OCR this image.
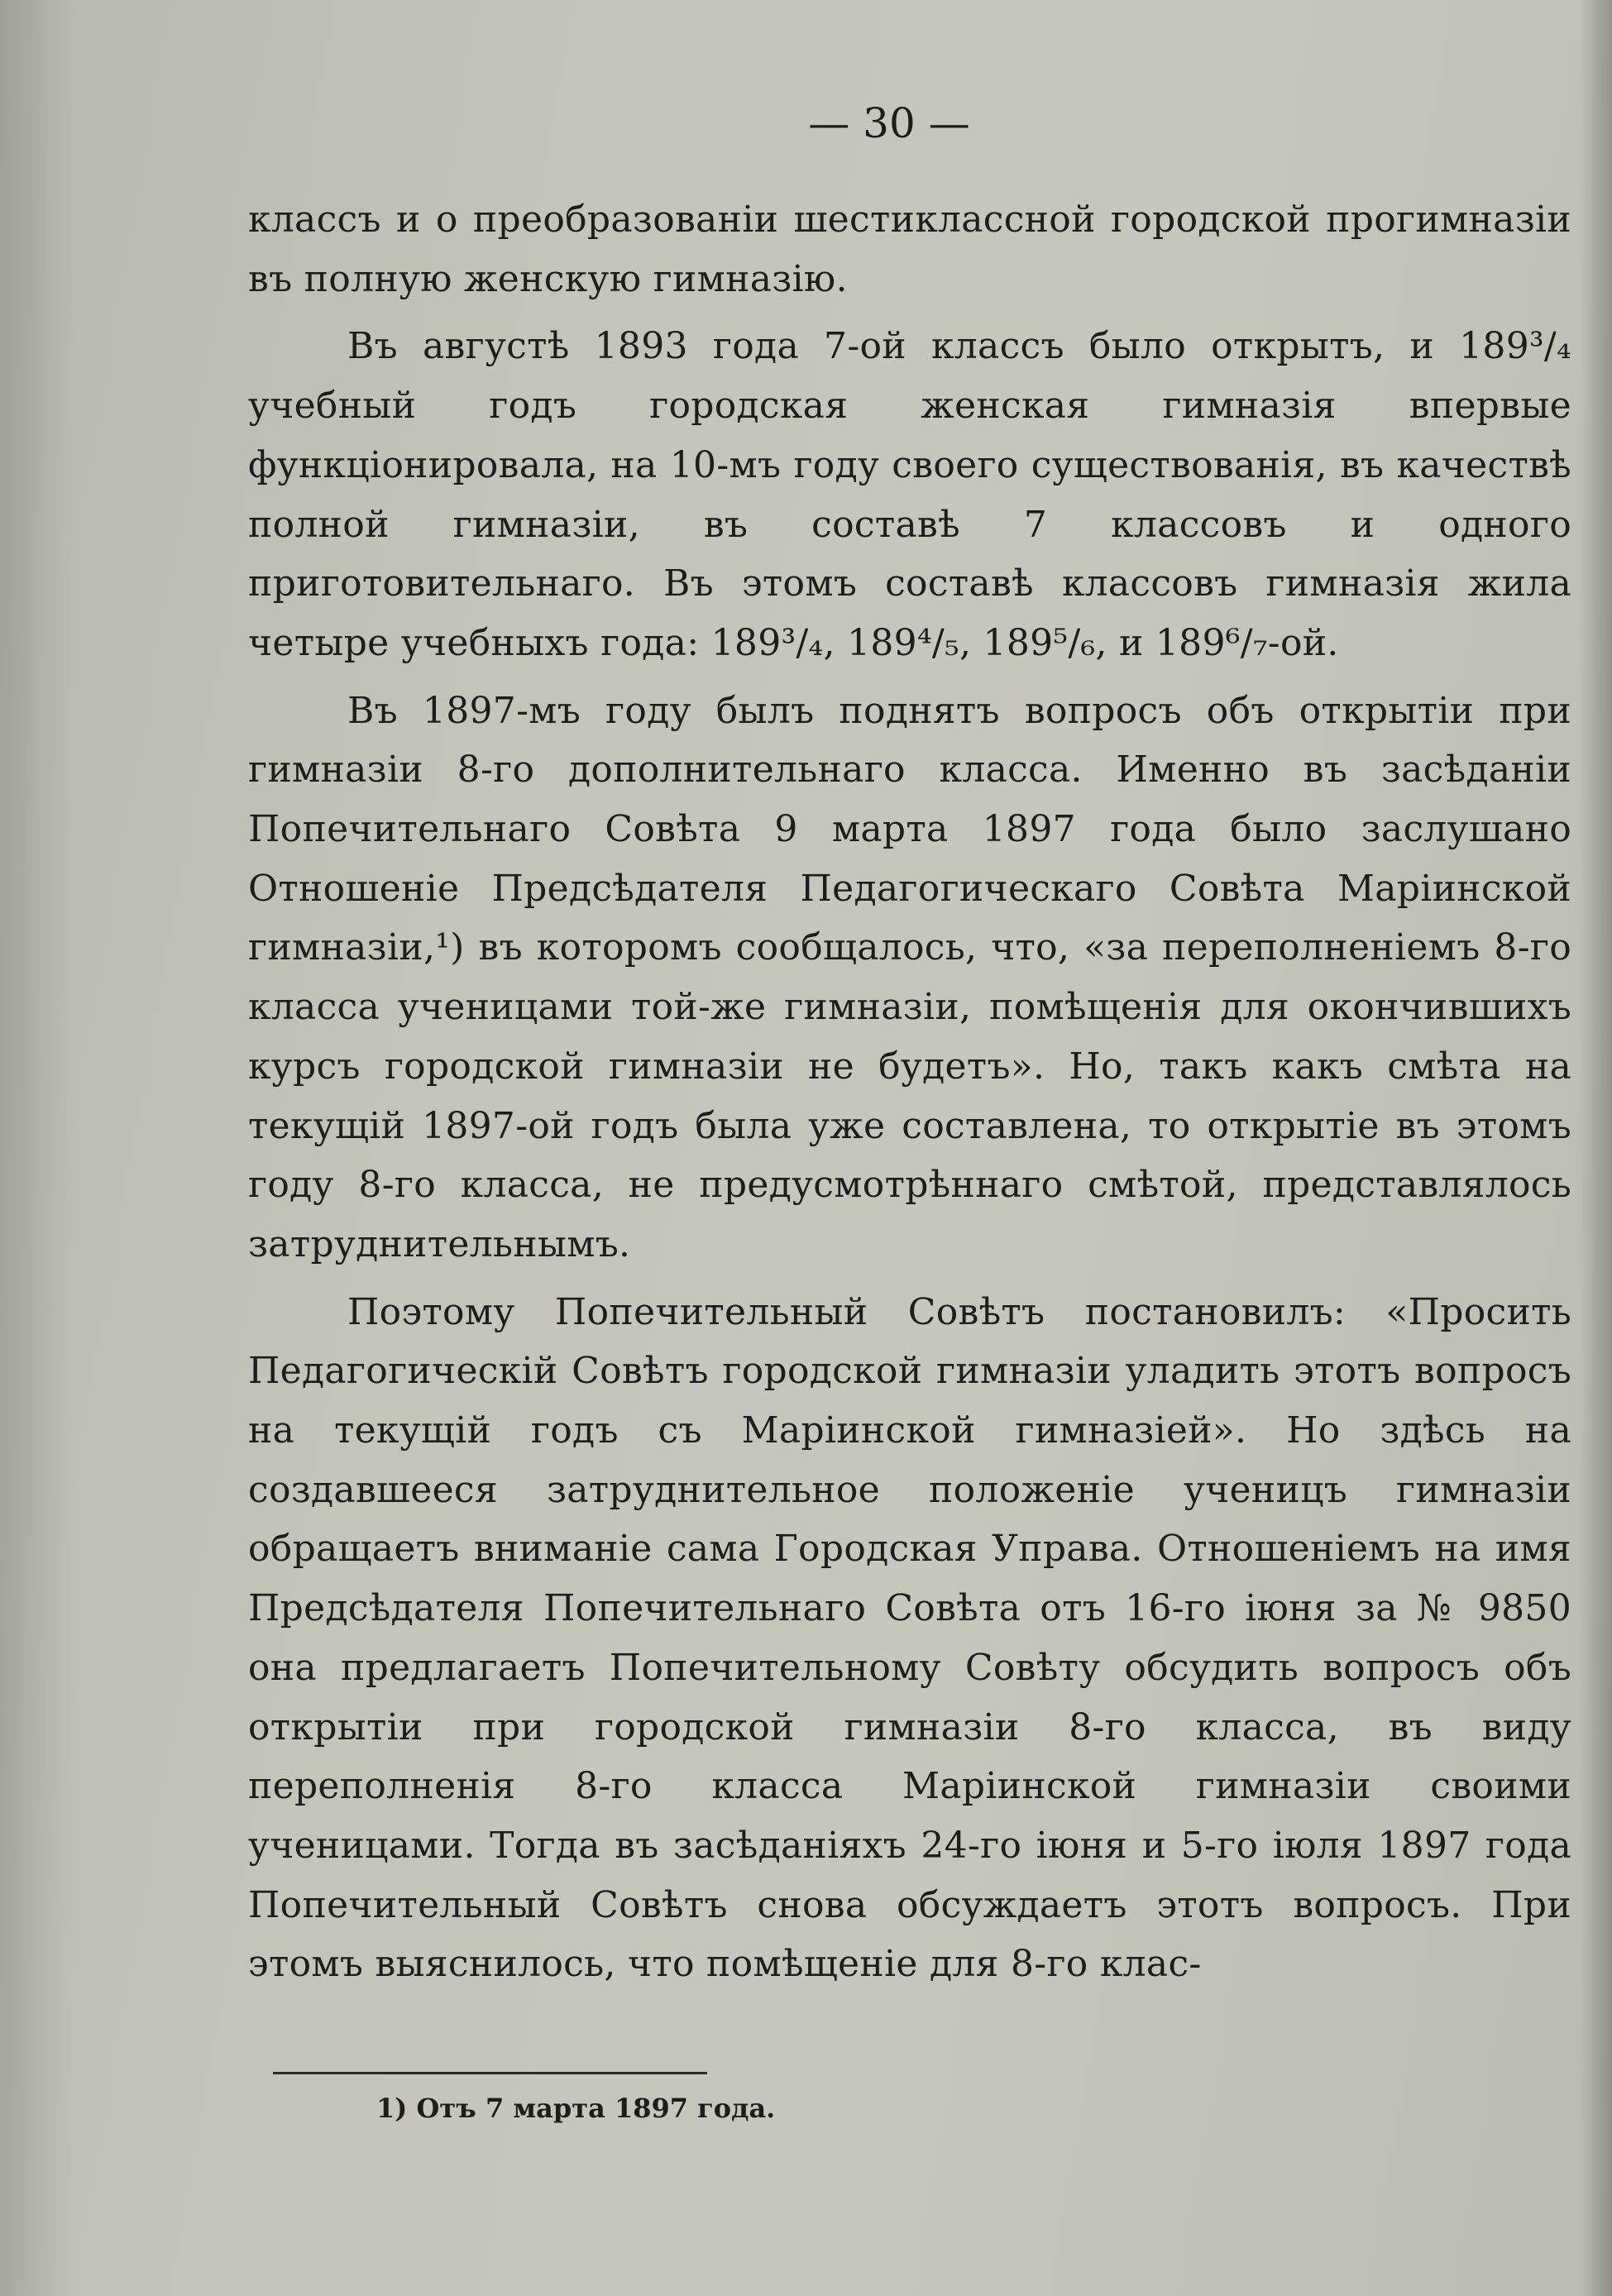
— 30 —

классъ и о преобразованіи шестиклассной городской прогимназіи въ полную женскую гимназію.

Въ августѣ 1893 года 7-ой классъ было открытъ, и 189³/₄ учебный годъ городская женская гимназія впервые функціонировала, на 10-мъ году своего существованія, въ качествѣ полной гимназіи, въ составѣ 7 классовъ и одного приготовительнаго. Въ этомъ составѣ классовъ гимназія жила четыре учебныхъ года: 189³/₄, 189⁴/₅, 189⁵/₆, и 189⁶/₇-ой.

Въ 1897-мъ году былъ поднятъ вопросъ объ открытіи при гимназіи 8-го дополнительнаго класса. Именно въ засѣданіи Попечительнаго Совѣта 9 марта 1897 года было заслушано Отношеніе Предсѣдателя Педагогическаго Совѣта Маріинской гимназіи,¹) въ которомъ сообщалось, что, «за переполненіемъ 8-го класса ученицами той-же гимназіи, помѣщенія для окончившихъ курсъ городской гимназіи не будетъ». Но, такъ какъ смѣта на текущій 1897-ой годъ была уже составлена, то открытіе въ этомъ году 8-го класса, не предусмотрѣннаго смѣтой, представлялось затруднительнымъ.

Поэтому Попечительный Совѣтъ постановилъ: «Просить Педагогическій Совѣтъ городской гимназіи уладить этотъ вопросъ на текущій годъ съ Маріинской гимназіей». Но здѣсь на создавшееся затруднительное положеніе ученицъ гимназіи обращаетъ вниманіе сама Городская Управа. Отношеніемъ на имя Предсѣдателя Попечительнаго Совѣта отъ 16-го іюня за № 9850 она предлагаетъ Попечительному Совѣту обсудить вопросъ объ открытіи при городской гимназіи 8-го класса, въ виду переполненія 8-го класса Маріинской гимназіи своими ученицами. Тогда въ засѣданіяхъ 24-го іюня и 5-го іюля 1897 года Попечительный Совѣтъ снова обсуждаетъ этотъ вопросъ. При этомъ выяснилось, что помѣщеніе для 8-го клас-

1) Отъ 7 марта 1897 года.
